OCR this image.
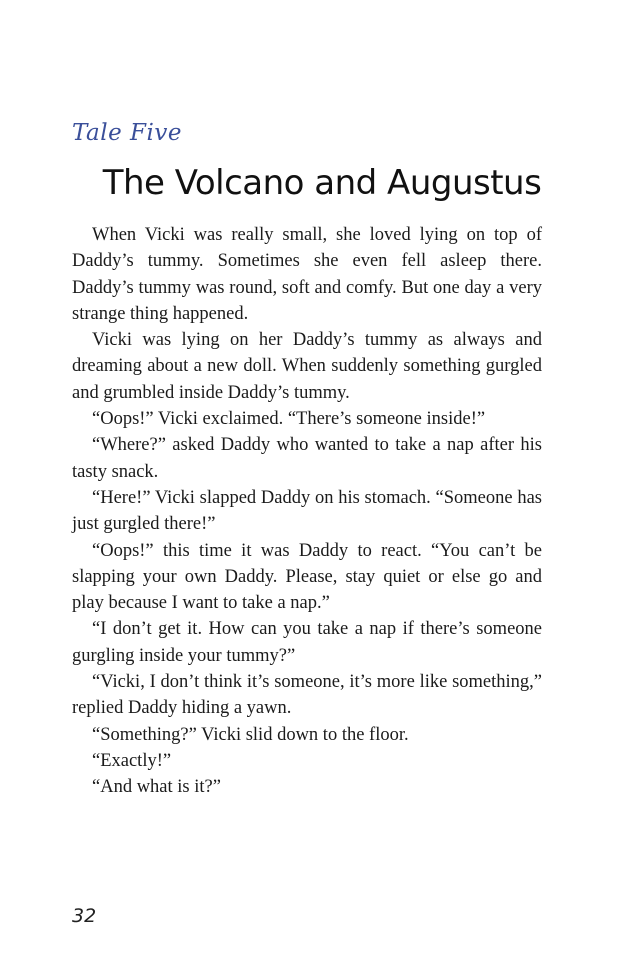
Tale Five
The Volcano and Augustus

When Vicki was really small, she loved lying on top of Daddy’s tummy. Sometimes she even fell asleep there. Daddy’s tummy was round, soft and comfy. But one day a very strange thing happened.

Vicki was lying on her Daddy’s tummy as always and dreaming about a new doll. When suddenly something gurgled and grumbled inside Daddy’s tummy.

“Oops!” Vicki exclaimed. “There’s someone inside!”

“Where?” asked Daddy who wanted to take a nap after his tasty snack.

“Here!” Vicki slapped Daddy on his stomach. “Someone has just gurgled there!”

“Oops!” this time it was Daddy to react. “You can’t be slapping your own Daddy. Please, stay quiet or else go and play because I want to take a nap.”

“I don’t get it. How can you take a nap if there’s someone gurgling inside your tummy?”

“Vicki, I don’t think it’s someone, it’s more like something,” replied Daddy hiding a yawn.

“Something?” Vicki slid down to the floor.

“Exactly!”

“And what is it?”

32
